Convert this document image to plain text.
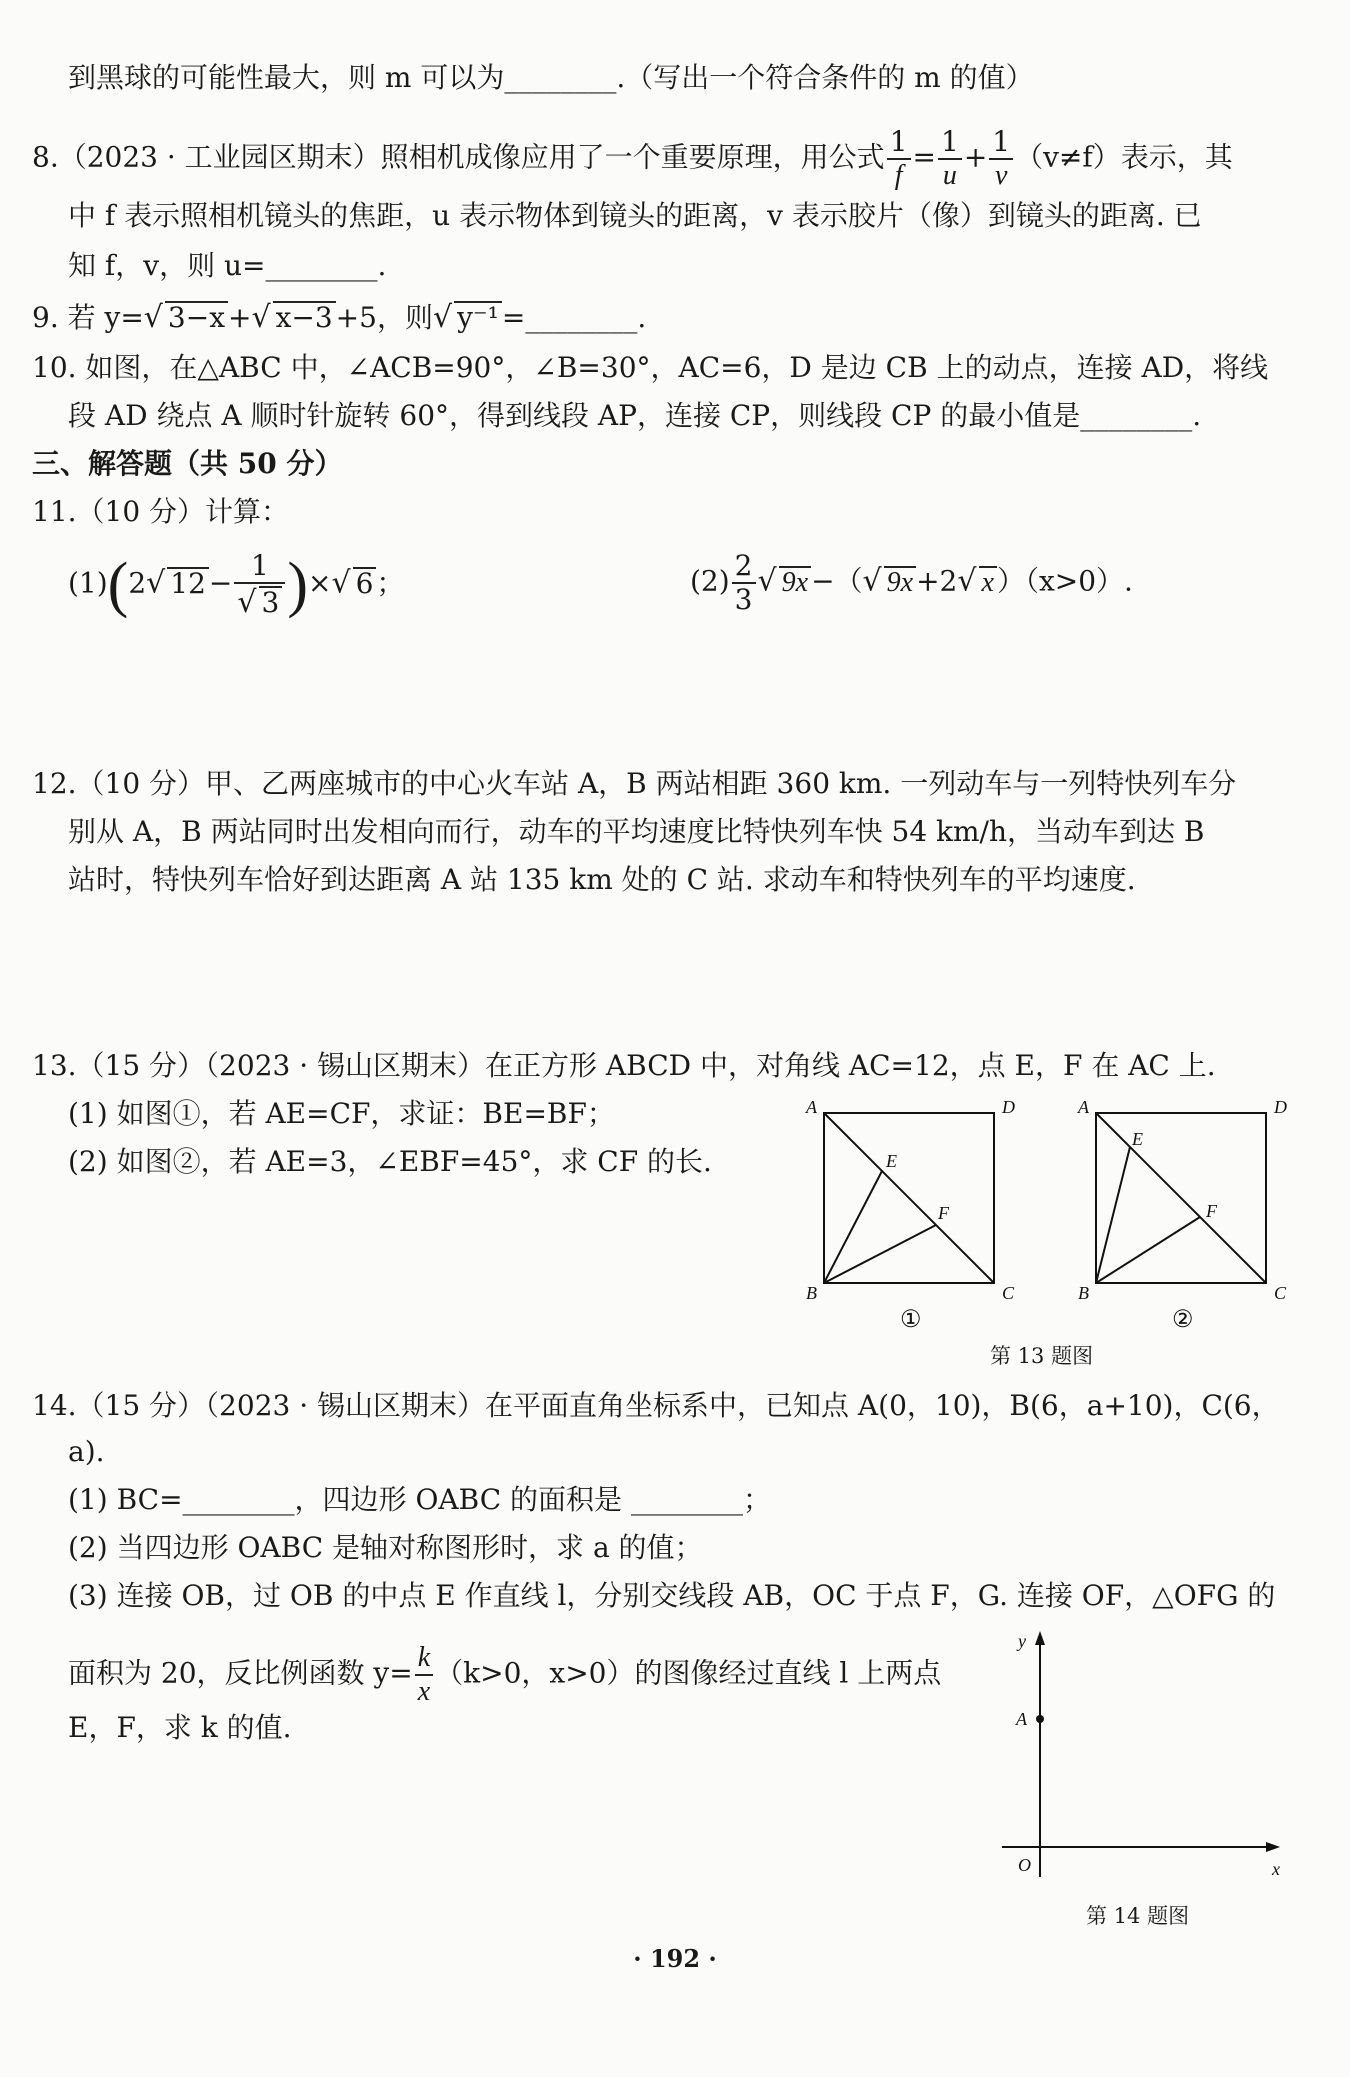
到黑球的可能性最大，则 m 可以为________.（写出一个符合条件的 m 的值）
8.（2023 · 工业园区期末）照相机成像应用了一个重要原理，用公式 $\frac{1}{f} = \frac{1}{u} + \frac{1}{v} (v\ne f)$表示，其
中 f 表示照相机镜头的焦距，u 表示物体到镜头的距离，v 表示胶片（像）到镜头的距离. 已
知 f，v，则 u=________.
9. 若 y=√ 3−x +√ x−3 +5，则√ y⁻¹ =________.
10. 如图，在△ABC 中，∠ACB=90°，∠B=30°，AC=6，D 是边 CB 上的动点，连接 AD，将线
段 AD 绕点 A 顺时针旋转 60°，得到线段 AP，连接 CP，则线段 CP 的最小值是________.
三、解答题（共 50 分）
11.（10 分）计算：
(1)(2√ $12 - \frac{1}{√ 3}$ )×√ 6 ；	$(2) \frac{2}{3}$ √ 9x −（√ 9x +2√ x ）（x>0）.
12.（10 分）甲、乙两座城市的中心火车站 A，B 两站相距 360 km. 一列动车与一列特快列车分
别从 A，B 两站同时出发相向而行，动车的平均速度比特快列车快 54 km/h，当动车到达 B
站时，特快列车恰好到达距离 A 站 135 km 处的 C 站. 求动车和特快列车的平均速度.
13.（15 分）（2023 · 锡山区期末）在正方形 ABCD 中，对角线 AC=12，点 E，F 在 AC 上.
(1) 如图①，若 AE=CF，求证：BE=BF；
(2) 如图②，若 AE=3，∠EBF=45°，求 CF 的长.
A	D
B	C
E
F
①
A	D
B	C
E
F
②
第 13 题图
14.（15 分）（2023 · 锡山区期末）在平面直角坐标系中，已知点 A(0，10)，B(6，a+10)，C(6，
a).
(1) BC=________，四边形 OABC 的面积是 ________；
(2) 当四边形 OABC 是轴对称图形时，求 a 的值；
(3) 连接 OB，过 OB 的中点 E 作直线 l，分别交线段 AB，OC 于点 F，G. 连接 OF，△OFG 的
面积为 20，反比例函数 $y= \frac{k}{x} (k>0$，x>0）的图像经过直线 l 上两点
E，F，求 k 的值.	A
y
x
O
第 14 题图
· 192 ·
